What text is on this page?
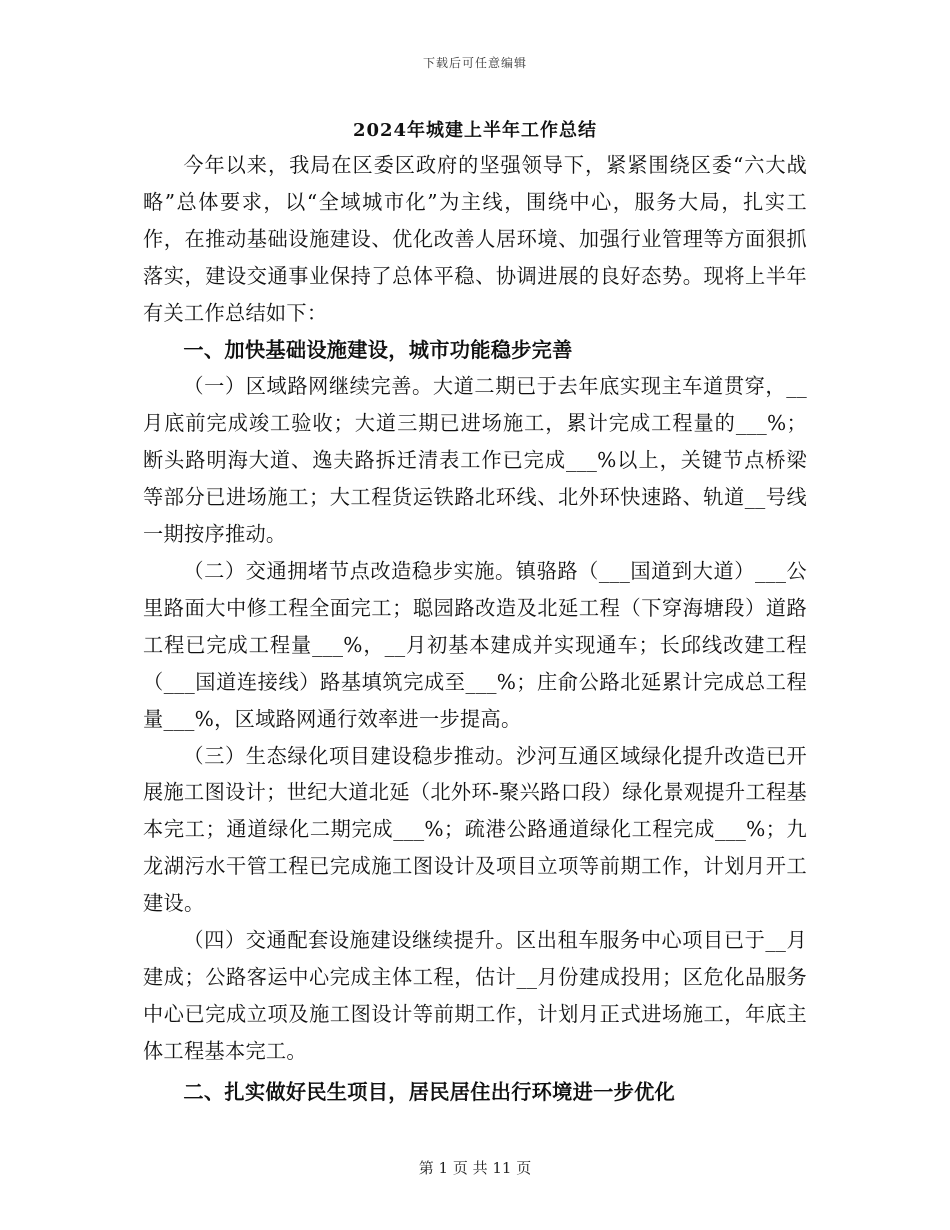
下载后可任意编辑
2024年城建上半年工作总结

今年以来，我局在区委区政府的坚强领导下，紧紧围绕区委“六大战略”总体要求，以“全域城市化”为主线，围绕中心，服务大局，扎实工作，在推动基础设施建设、优化改善人居环境、加强行业管理等方面狠抓落实，建设交通事业保持了总体平稳、协调进展的良好态势。现将上半年有关工作总结如下：

一、加快基础设施建设，城市功能稳步完善

（一）区域路网继续完善。大道二期已于去年底实现主车道贯穿，__月底前完成竣工验收；大道三期已进场施工，累计完成工程量的___%；断头路明海大道、逸夫路拆迁清表工作已完成___%以上，关键节点桥梁等部分已进场施工；大工程货运铁路北环线、北外环快速路、轨道__号线一期按序推动。

（二）交通拥堵节点改造稳步实施。镇骆路（___国道到大道）___公里路面大中修工程全面完工；聪园路改造及北延工程（下穿海塘段）道路工程已完成工程量___%，__月初基本建成并实现通车；长邱线改建工程（___国道连接线）路基填筑完成至___%；庄俞公路北延累计完成总工程量___%，区域路网通行效率进一步提高。

（三）生态绿化项目建设稳步推动。沙河互通区域绿化提升改造已开展施工图设计；世纪大道北延（北外环-聚兴路口段）绿化景观提升工程基本完工；通道绿化二期完成___%；疏港公路通道绿化工程完成___%；九龙湖污水干管工程已完成施工图设计及项目立项等前期工作，计划月开工建设。

（四）交通配套设施建设继续提升。区出租车服务中心项目已于__月建成；公路客运中心完成主体工程，估计__月份建成投用；区危化品服务中心已完成立项及施工图设计等前期工作，计划月正式进场施工，年底主体工程基本完工。

二、扎实做好民生项目，居民居住出行环境进一步优化

第 1 页 共 11 页
